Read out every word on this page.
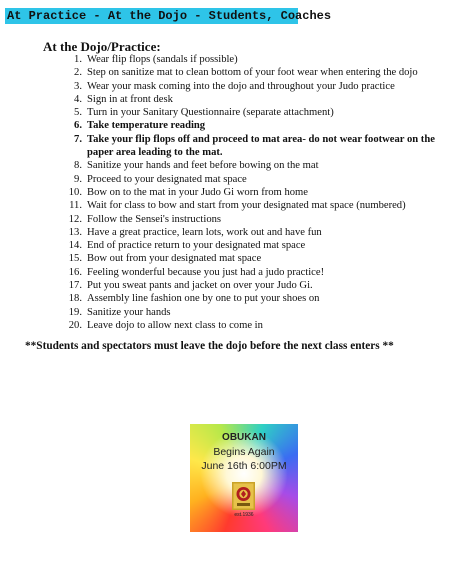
At Practice - At the Dojo - Students, Coaches
At the Dojo/Practice:
1. Wear flip flops (sandals if possible)
2. Step on sanitize mat to clean bottom of your foot wear when entering the dojo
3. Wear your mask coming into the dojo and throughout your Judo practice
4. Sign in at front desk
5. Turn in your Sanitary Questionnaire (separate attachment)
6. Take temperature reading
7. Take your flip flops off and proceed to mat area- do not wear footwear on the paper area leading to the mat.
8. Sanitize your hands and feet before bowing on the mat
9. Proceed to your designated mat space
10. Bow on to the mat in your Judo Gi worn from home
11. Wait for class to bow and start from your designated mat space (numbered)
12. Follow the Sensei's instructions
13. Have a great practice, learn lots, work out and have fun
14. End of practice return to your designated mat space
15. Bow out from your designated mat space
16. Feeling wonderful because you just had a judo practice!
17. Put you sweat pants and jacket on over your Judo Gi.
18. Assembly line fashion one by one to put your shoes on
19. Sanitize your hands
20. Leave dojo to allow next class to come in
**Students and spectators must leave the dojo before the next class enters **
OBUKAN
Begins Again
June 16th 6:00PM
est.1936
